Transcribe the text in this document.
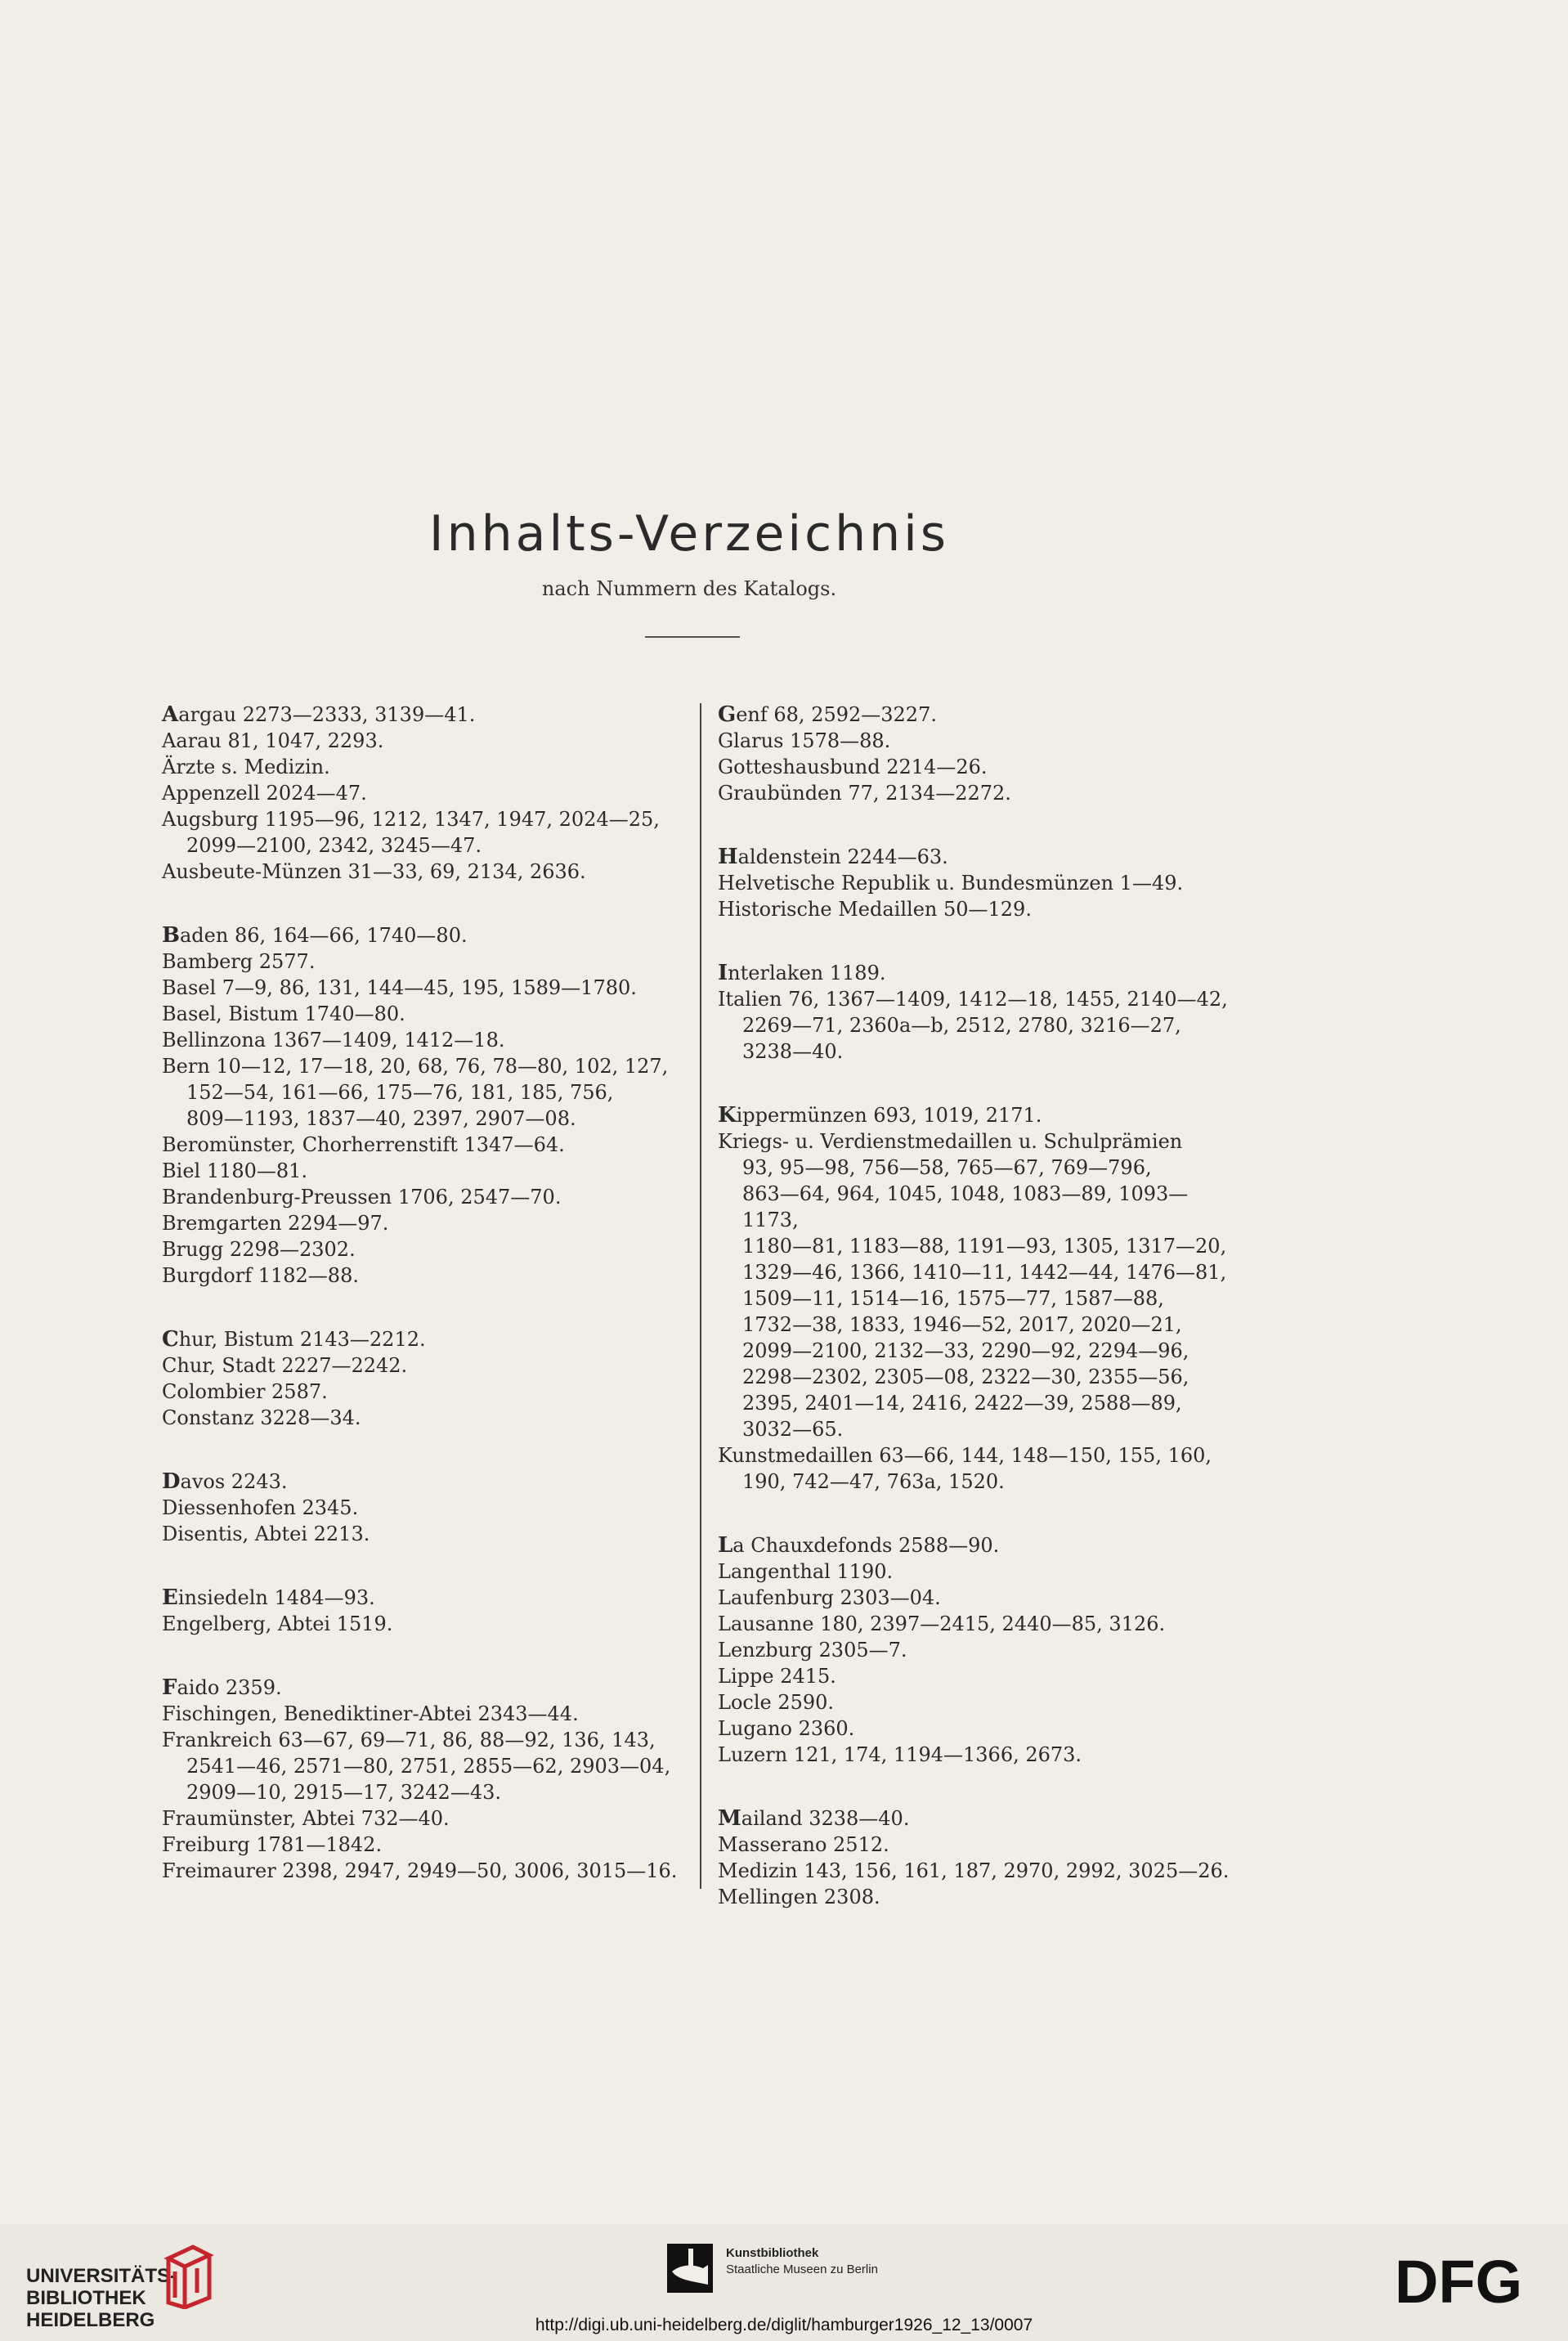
Inhalts-Verzeichnis
nach Nummern des Katalogs.
Aargau 2273—2333, 3139—41.
Aarau 81, 1047, 2293.
Ärzte s. Medizin.
Appenzell 2024—47.
Augsburg 1195—96, 1212, 1347, 1947, 2024—25,
2099—2100, 2342, 3245—47.
Ausbeute-Münzen 31—33, 69, 2134, 2636.
Baden 86, 164—66, 1740—80.
Bamberg 2577.
Basel 7—9, 86, 131, 144—45, 195, 1589—1780.
Basel, Bistum 1740—80.
Bellinzona 1367—1409, 1412—18.
Bern 10—12, 17—18, 20, 68, 76, 78—80, 102, 127,
152—54, 161—66, 175—76, 181, 185, 756,
809—1193, 1837—40, 2397, 2907—08.
Beromünster, Chorherrenstift 1347—64.
Biel 1180—81.
Brandenburg-Preussen 1706, 2547—70.
Bremgarten 2294—97.
Brugg 2298—2302.
Burgdorf 1182—88.
Chur, Bistum 2143—2212.
Chur, Stadt 2227—2242.
Colombier 2587.
Constanz 3228—34.
Davos 2243.
Diessenhofen 2345.
Disentis, Abtei 2213.
Einsiedeln 1484—93.
Engelberg, Abtei 1519.
Faido 2359.
Fischingen, Benediktiner-Abtei 2343—44.
Frankreich 63—67, 69—71, 86, 88—92, 136, 143,
2541—46, 2571—80, 2751, 2855—62, 2903—04,
2909—10, 2915—17, 3242—43.
Fraumünster, Abtei 732—40.
Freiburg 1781—1842.
Freimaurer 2398, 2947, 2949—50, 3006, 3015—16.
Genf 68, 2592—3227.
Glarus 1578—88.
Gotteshausbund 2214—26.
Graubünden 77, 2134—2272.
Haldenstein 2244—63.
Helvetische Republik u. Bundesmünzen 1—49.
Historische Medaillen 50—129.
Interlaken 1189.
Italien 76, 1367—1409, 1412—18, 1455, 2140—42,
2269—71, 2360a—b, 2512, 2780, 3216—27,
3238—40.
Kippermünzen 693, 1019, 2171.
Kriegs- u. Verdienstmedaillen u. Schulprämien
93, 95—98, 756—58, 765—67, 769—796,
863—64, 964, 1045, 1048, 1083—89, 1093—1173,
1180—81, 1183—88, 1191—93, 1305, 1317—20,
1329—46, 1366, 1410—11, 1442—44, 1476—81,
1509—11, 1514—16, 1575—77, 1587—88,
1732—38, 1833, 1946—52, 2017, 2020—21,
2099—2100, 2132—33, 2290—92, 2294—96,
2298—2302, 2305—08, 2322—30, 2355—56,
2395, 2401—14, 2416, 2422—39, 2588—89,
3032—65.
Kunstmedaillen 63—66, 144, 148—150, 155, 160,
190, 742—47, 763a, 1520.
La Chauxdefonds 2588—90.
Langenthal 1190.
Laufenburg 2303—04.
Lausanne 180, 2397—2415, 2440—85, 3126.
Lenzburg 2305—7.
Lippe 2415.
Locle 2590.
Lugano 2360.
Luzern 121, 174, 1194—1366, 2673.
Mailand 3238—40.
Masserano 2512.
Medizin 143, 156, 161, 187, 2970, 2992, 3025—26.
Mellingen 2308.
UNIVERSITÄTS-
BIBLIOTHEK
HEIDELBERG
Kunstbibliothek
Staatliche Museen zu Berlin	DFG
http://digi.ub.uni-heidelberg.de/diglit/hamburger1926_12_13/0007
